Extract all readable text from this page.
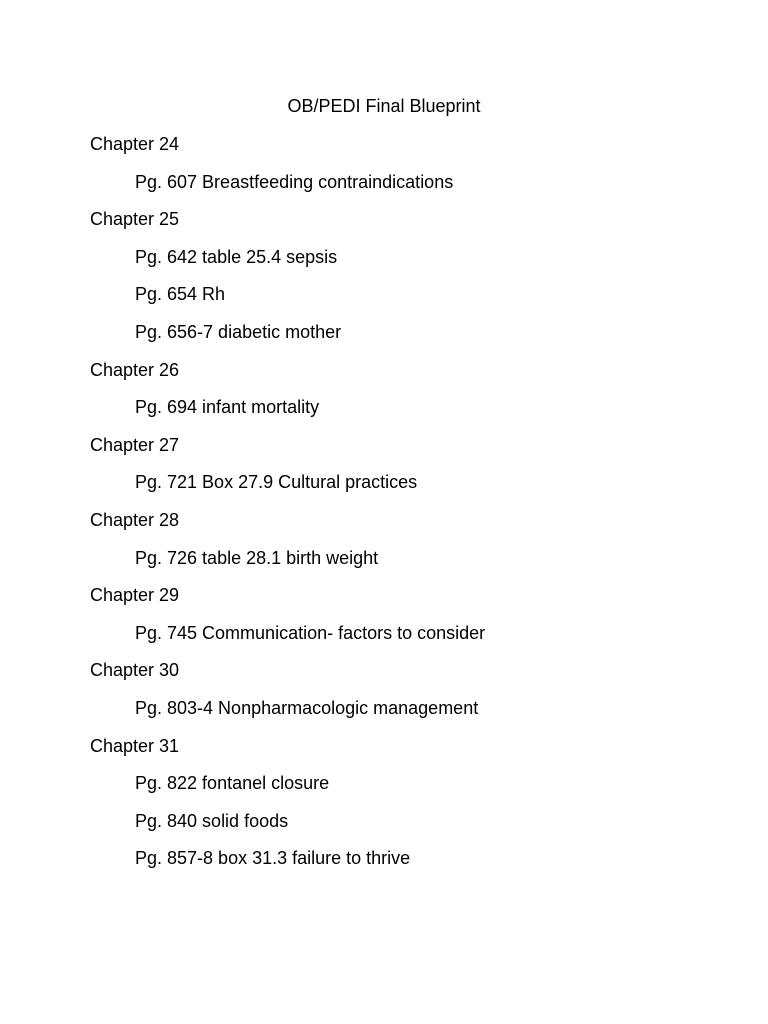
OB/PEDI Final Blueprint
Chapter 24
Pg. 607 Breastfeeding contraindications
Chapter 25
Pg. 642 table 25.4 sepsis
Pg. 654 Rh
Pg. 656-7 diabetic mother
Chapter 26
Pg. 694 infant mortality
Chapter 27
Pg. 721 Box 27.9 Cultural practices
Chapter 28
Pg. 726 table 28.1 birth weight
Chapter 29
Pg. 745 Communication- factors to consider
Chapter 30
Pg. 803-4 Nonpharmacologic management
Chapter 31
Pg. 822 fontanel closure
Pg. 840 solid foods
Pg. 857-8 box 31.3 failure to thrive
